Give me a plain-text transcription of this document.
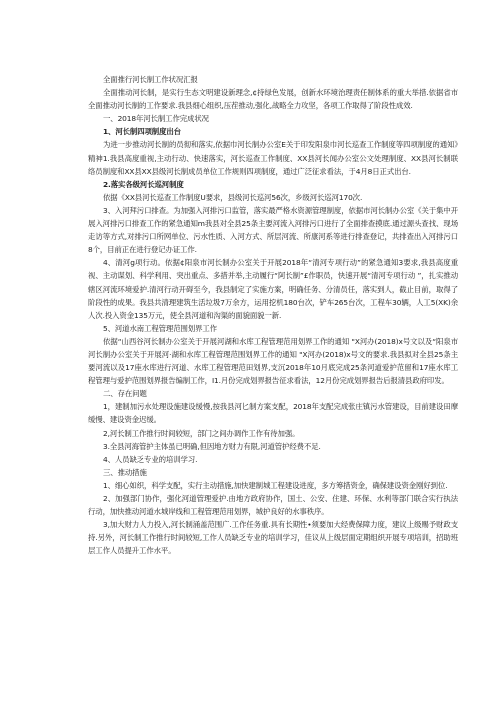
全面推行河长制工作状况汇报

全面推动河长制，是实行生态文明建设新理念,¢持绿色发展，创新水环境治理责任制体系的重大举措.依据省市全面推动河长制的工作要求.我县细心组织,压茬推动,强化,战略全力攻坚，各项工作取得了阶段性成效.

一、2018年河长制工作完成状况

1、河长制四项制度出台

为进一步推动河长制的员彻和落实,依据巾河长制办公室E关于印发阳泉巾河长巡查工作制度等四项制度的通知》精神1.我县高度重视,主动行动、快速落实，河长巡查工作制度、XX县河长闻办公室公文处理制度、XX县河长制联络员制度和XX县XX县级河长制成员单位工作规则四项制度，通过广泛征求看法，于4月8日正式出台.

2.落实各级河长巡河制度

依据《XX县河长巡查工作制度U要求，县级河长巡河56次，乡级河长巡河170次.

3、入河拜污口排查。为加强入河排污口监管，落实最严格水资源管理制度，依据市河长制办公室《关于集中开展入河排污口排查工作的紧急通知m我县对全县25条主要河流入河排污口进行了全面排查摸底.通过源头查找、现场走访等方式,对排污口所网单位、污水性质、入河方式、所层河流、所康河系等进行排查登记，共排查出入河排污口8个，目前正在进行登记办证工作.

4、清河g项行动。依据¢阳泉市河长制办公室关于开展2018年“清河专项行动”的紧急通知3要求,我县高度重视、主动谋划、科学利用、突出重点、多措并举,主动履行“阿长制”£作职员，快速开展“清河专项行动 ”，扎实推动辖区河流环境爱护.清河行动开碍至今，我县制定了实施方案，明确任务、分清员任，落实到人，截止目前，取得了阶段性的成果。我县共清理建筑生活垃圾7万余方，运用挖机180台次，铲车265台次，工程车30辆，人工5(XK)余人次.投入资金135万元，使全县河道和沟渠的面貌面貌一新.

5、河道水南工程管理范围划界工作

依据“山西谷河长制办公室关于开展河湖和水库工程管理范用划界工作的通知 "X河办(2018)x号文以及“阳泉市河长制办公室关于开展河·湖和水库工程管理范围划界工作的通知 "X河办(2018)x号文的要求.我县拟对全县25条主要河流以及17座水库进行河道、水库工程管理范田划界,支沉2018年10月底完成25条河道爱护范留和17座水库工程管理与爱护范围划界报告编制工作，I1.月份完成划界报告征求看法，12月份完成划界报告后报清县政府印发。

二、存在问题

1，建制加污水处理设施建设缓慢,按我县河匕制方案支配，2018年支配完成张庄镇污水管建设，目前建设田摩缓慢、建设资金迟缓。

2,河长制工作推行时间较短，部门之间办调作工作有待加强。

3.全县河海管护主体虽已明确,但因地方财力有限,河道管护经费不足.

4、人员缺乏专业的培训学习.

三、推动措施

1、细心如织，科学支配，实行主动措施,加快建制城工程建设进度，多方筹措资金，确保建设资金刚好到位.

2、加强部门协作，强化河道管理爱护.由地方政府协作，国土、公安、住建、环保、水利等部门联合实行执法行动，加快推动河道水城岸线和工程管理范用划界，城护良好的水事秩序。

3,加大财力人力投入,河长制涌盖范围广.工作任务重.具有长期性•须要加大经费保障力度，建议上级赐予财政支持.另外，河长制工作推行时间较短,工作人员缺乏专业的培训学习，佳议从上级层面定期组织开展专项培训，招助班层工作人员提升工作水平。
